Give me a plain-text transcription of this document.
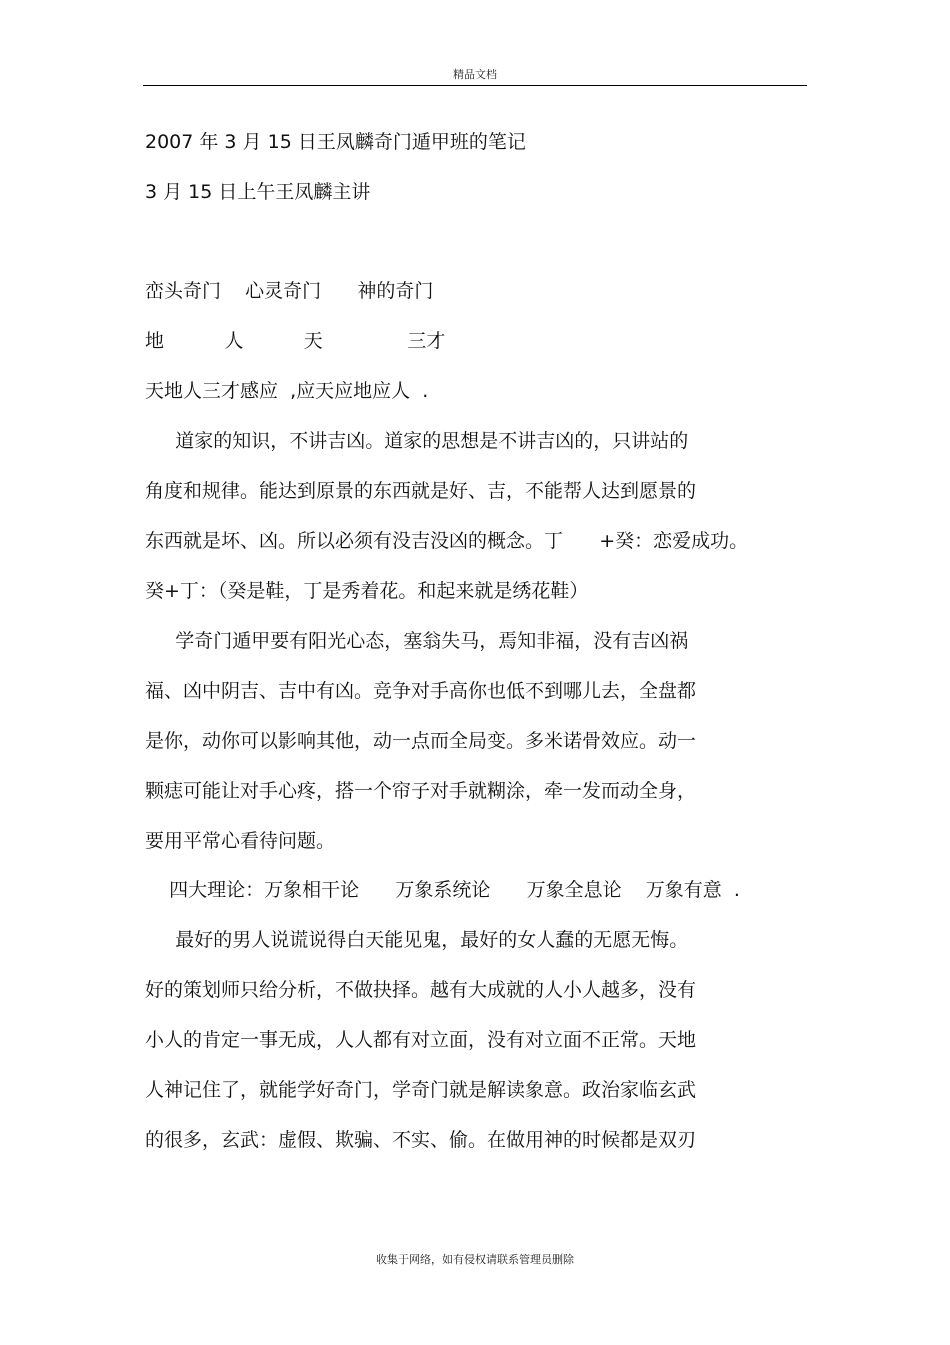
精品文档
2007 年 3 月 15 日王凤麟奇门遁甲班的笔记
3 月 15 日上午王凤麟主讲
峦头奇门    心灵奇门      神的奇门
地          人          天              三才
天地人三才感应  ,应天应地应人  .
道家的知识，不讲吉凶。道家的思想是不讲吉凶的，只讲站的
角度和规律。能达到原景的东西就是好、吉，不能帮人达到愿景的
东西就是坏、凶。所以必须有没吉没凶的概念。丁      +癸：恋爱成功。
癸+丁：（癸是鞋，丁是秀着花。和起来就是绣花鞋）
学奇门遁甲要有阳光心态，塞翁失马，焉知非福，没有吉凶祸
福、凶中阴吉、吉中有凶。竞争对手高你也低不到哪儿去，全盘都
是你，动你可以影响其他，动一点而全局变。多米诺骨效应。动一
颗痣可能让对手心疼，搭一个帘子对手就糊涂，牵一发而动全身，
要用平常心看待问题。
四大理论：万象相干论      万象系统论      万象全息论    万象有意  .
最好的男人说谎说得白天能见鬼，最好的女人蠢的无愿无悔。
好的策划师只给分析，不做抉择。越有大成就的人小人越多，没有
小人的肯定一事无成，人人都有对立面，没有对立面不正常。天地
人神记住了，就能学好奇门，学奇门就是解读象意。政治家临玄武
的很多，玄武：虚假、欺骗、不实、偷。在做用神的时候都是双刃
收集于网络，如有侵权请联系管理员删除
